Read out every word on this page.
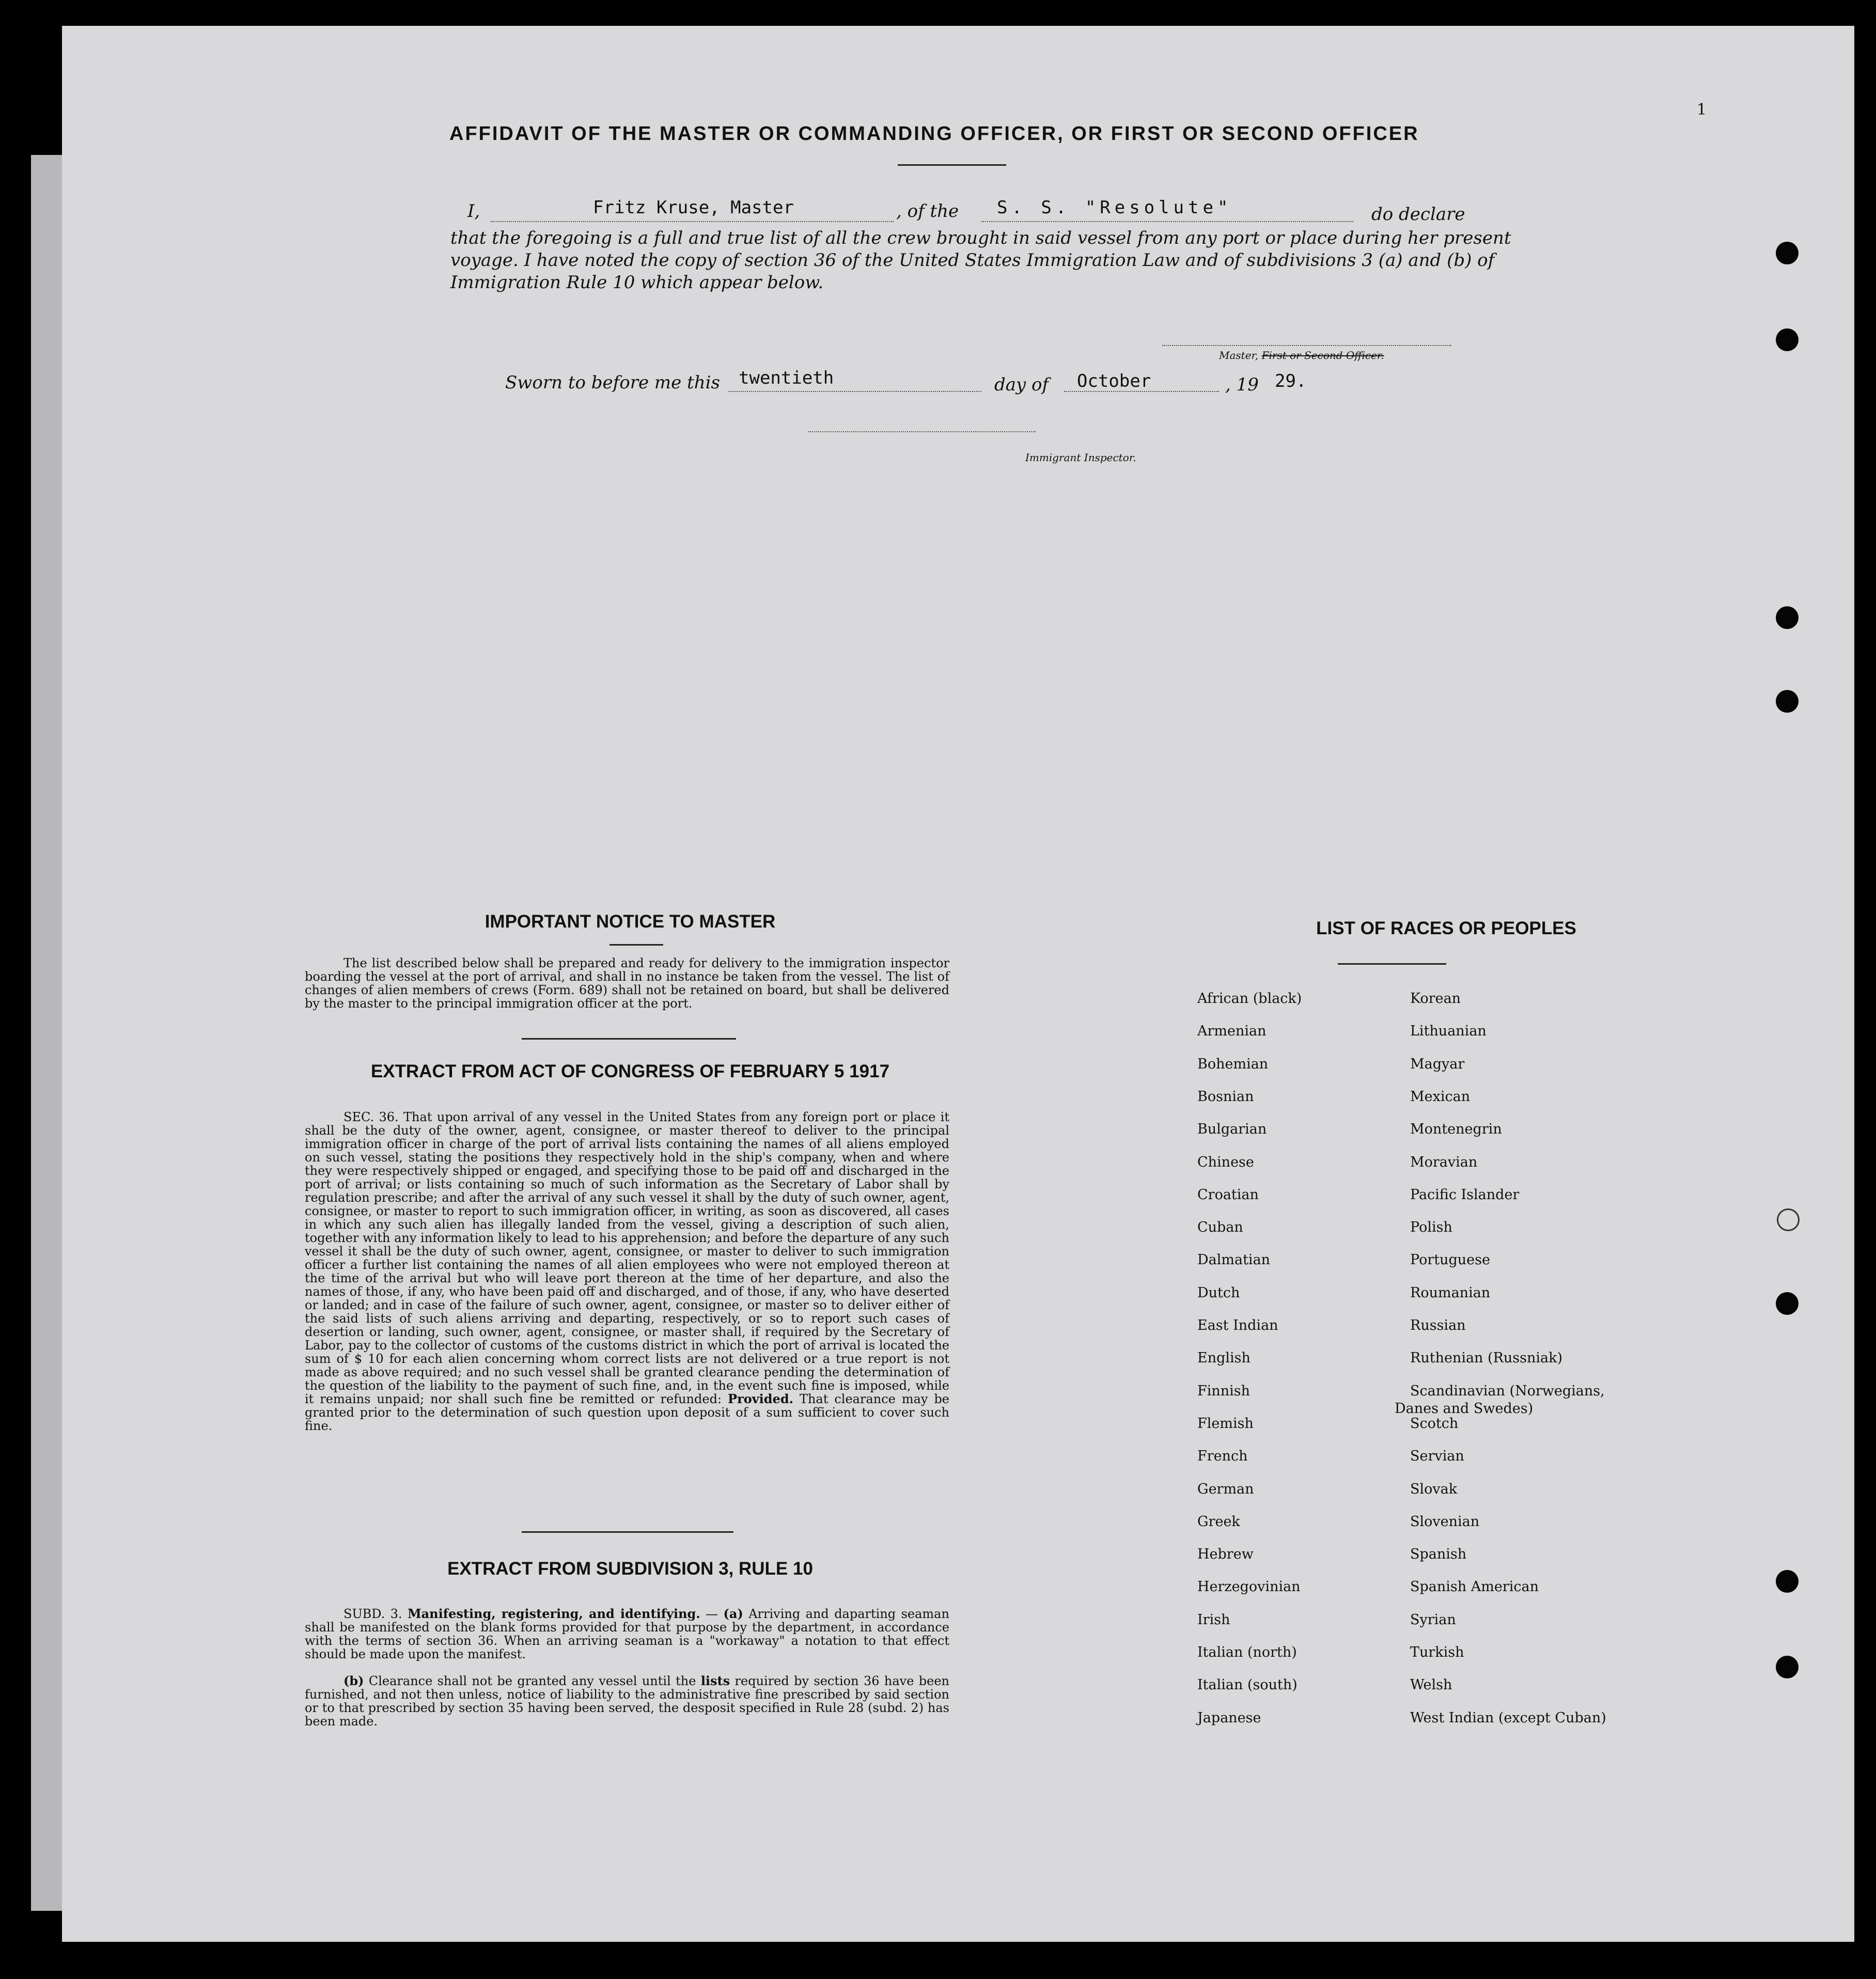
1
AFFIDAVIT OF THE MASTER OR COMMANDING OFFICER, OR FIRST OR SECOND OFFICER
I,	Fritz Kruse, Master	, of the S. S. "Resolute"	do declare
that the foregoing is a full and true list of all the crew brought in said vessel from any port or place during her present
voyage. I have noted the copy of section 36 of the United States Immigration Law and of subdivisions 3 (a) and (b) of
Immigration Rule 10 which appear below.
Master, First or Second Officer.
Sworn to before me this twentieth	day of October	, 19 29.
Immigrant Inspector.
IMPORTANT NOTICE TO MASTER
The list described below shall be prepared and ready for delivery to the immigration inspector boarding the vessel at the port of arrival, and shall in no instance be taken from the vessel. The list of changes of alien members of crews (Form. 689) shall not be retained on board, but shall be delivered by the master to the principal immigration officer at the port.
EXTRACT FROM ACT OF CONGRESS OF FEBRUARY 5 1917
SEC. 36. That upon arrival of any vessel in the United States from any foreign port or place it shall be the duty of the owner, agent, consignee, or master thereof to deliver to the principal immigration officer in charge of the port of arrival lists containing the names of all aliens employed on such vessel, stating the positions they respectively hold in the ship's company, when and where they were respectively shipped or engaged, and specifying those to be paid off and discharged in the port of arrival; or lists containing so much of such information as the Secretary of Labor shall by regulation prescribe; and after the arrival of any such vessel it shall by the duty of such owner, agent, consignee, or master to report to such immigration officer, in writing, as soon as discovered, all cases in which any such alien has illegally landed from the vessel, giving a description of such alien, together with any information likely to lead to his apprehension; and before the departure of any such vessel it shall be the duty of such owner, agent, consignee, or master to deliver to such immigration officer a further list containing the names of all alien employees who were not employed thereon at the time of the arrival but who will leave port thereon at the time of her departure, and also the names of those, if any, who have been paid off and discharged, and of those, if any, who have deserted or landed; and in case of the failure of such owner, agent, consignee, or master so to deliver either of the said lists of such aliens arriving and departing, respectively, or so to report such cases of desertion or landing, such owner, agent, consignee, or master shall, if required by the Secretary of Labor, pay to the collector of customs of the customs district in which the port of arrival is located the sum of $ 10 for each alien concerning whom correct lists are not delivered or a true report is not made as above required; and no such vessel shall be granted clearance pending the determination of the question of the liability to the payment of such fine, and, in the event such fine is imposed, while it remains unpaid; nor shall such fine be remitted or refunded: Provided. That clearance may be granted prior to the determination of such question upon deposit of a sum sufficient to cover such fine.
EXTRACT FROM SUBDIVISION 3, RULE 10
SUBD. 3. Manifesting, registering, and identifying. — (a) Arriving and daparting seaman shall be manifested on the blank forms provided for that purpose by the department, in accordance with the terms of section 36. When an arriving seaman is a "workaway" a notation to that effect should be made upon the manifest.
(b) Clearance shall not be granted any vessel until the lists required by section 36 have been furnished, and not then unless, notice of liability to the administrative fine prescribed by said section or to that prescribed by section 35 having been served, the desposit specified in Rule 28 (subd. 2) has been made.
LIST OF RACES OR PEOPLES
African (black)
Armenian
Bohemian
Bosnian
Bulgarian
Chinese
Croatian
Cuban
Dalmatian
Dutch
East Indian
English
Finnish
Flemish
French
German
Greek
Hebrew
Herzegovinian
Irish
Italian (north)
Italian (south)
Japanese
Korean
Lithuanian
Magyar
Mexican
Montenegrin
Moravian
Pacific Islander
Polish
Portuguese
Roumanian
Russian
Ruthenian (Russniak)
Scandinavian (Norwegians,
Scotch
Servian
Slovak
Slovenian
Spanish
Spanish American
Syrian
Turkish
Welsh
West Indian (except Cuban)
Danes and Swedes)
